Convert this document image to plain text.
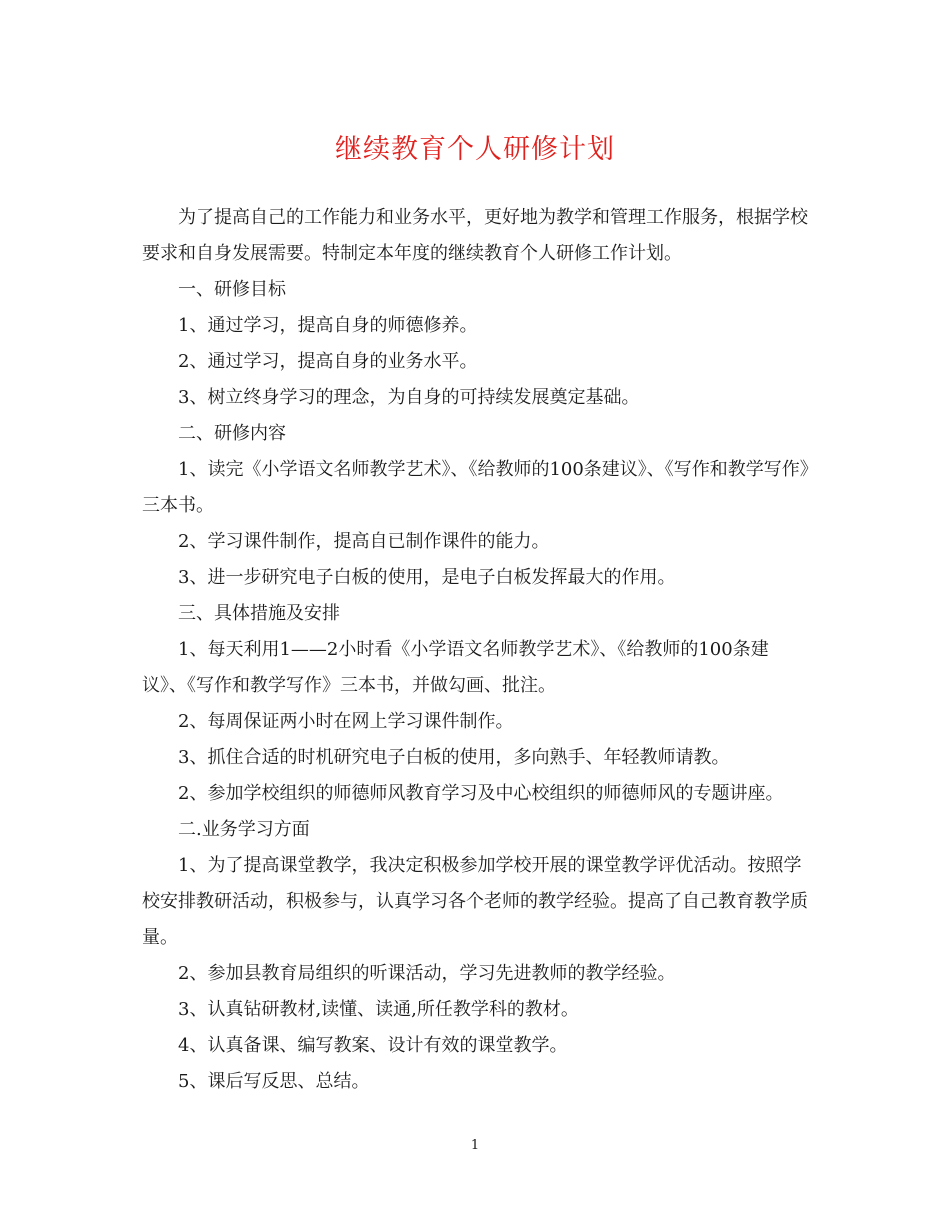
继续教育个人研修计划

为了提高自己的工作能力和业务水平，更好地为教学和管理工作服务，根据学校要求和自身发展需要。特制定本年度的继续教育个人研修工作计划。

一、研修目标

1、通过学习，提高自身的师德修养。

2、通过学习，提高自身的业务水平。

3、树立终身学习的理念，为自身的可持续发展奠定基础。

二、研修内容

1、读完《小学语文名师教学艺术》、《给教师的100条建议》、《写作和教学写作》三本书。

2、学习课件制作，提高自已制作课件的能力。

3、进一步研究电子白板的使用，是电子白板发挥最大的作用。

三、具体措施及安排

1、每天利用1——2小时看《小学语文名师教学艺术》、《给教师的100条建议》、《写作和教学写作》三本书，并做勾画、批注。

2、每周保证两小时在网上学习课件制作。

3、抓住合适的时机研究电子白板的使用，多向熟手、年轻教师请教。

2、参加学校组织的师德师风教育学习及中心校组织的师德师风的专题讲座。

二.业务学习方面

1、为了提高课堂教学，我决定积极参加学校开展的课堂教学评优活动。按照学校安排教研活动，积极参与，认真学习各个老师的教学经验。提高了自己教育教学质量。

2、参加县教育局组织的听课活动，学习先进教师的教学经验。

3、认真钻研教材,读懂、读通,所任教学科的教材。

4、认真备课、编写教案、设计有效的课堂教学。

5、课后写反思、总结。

1
